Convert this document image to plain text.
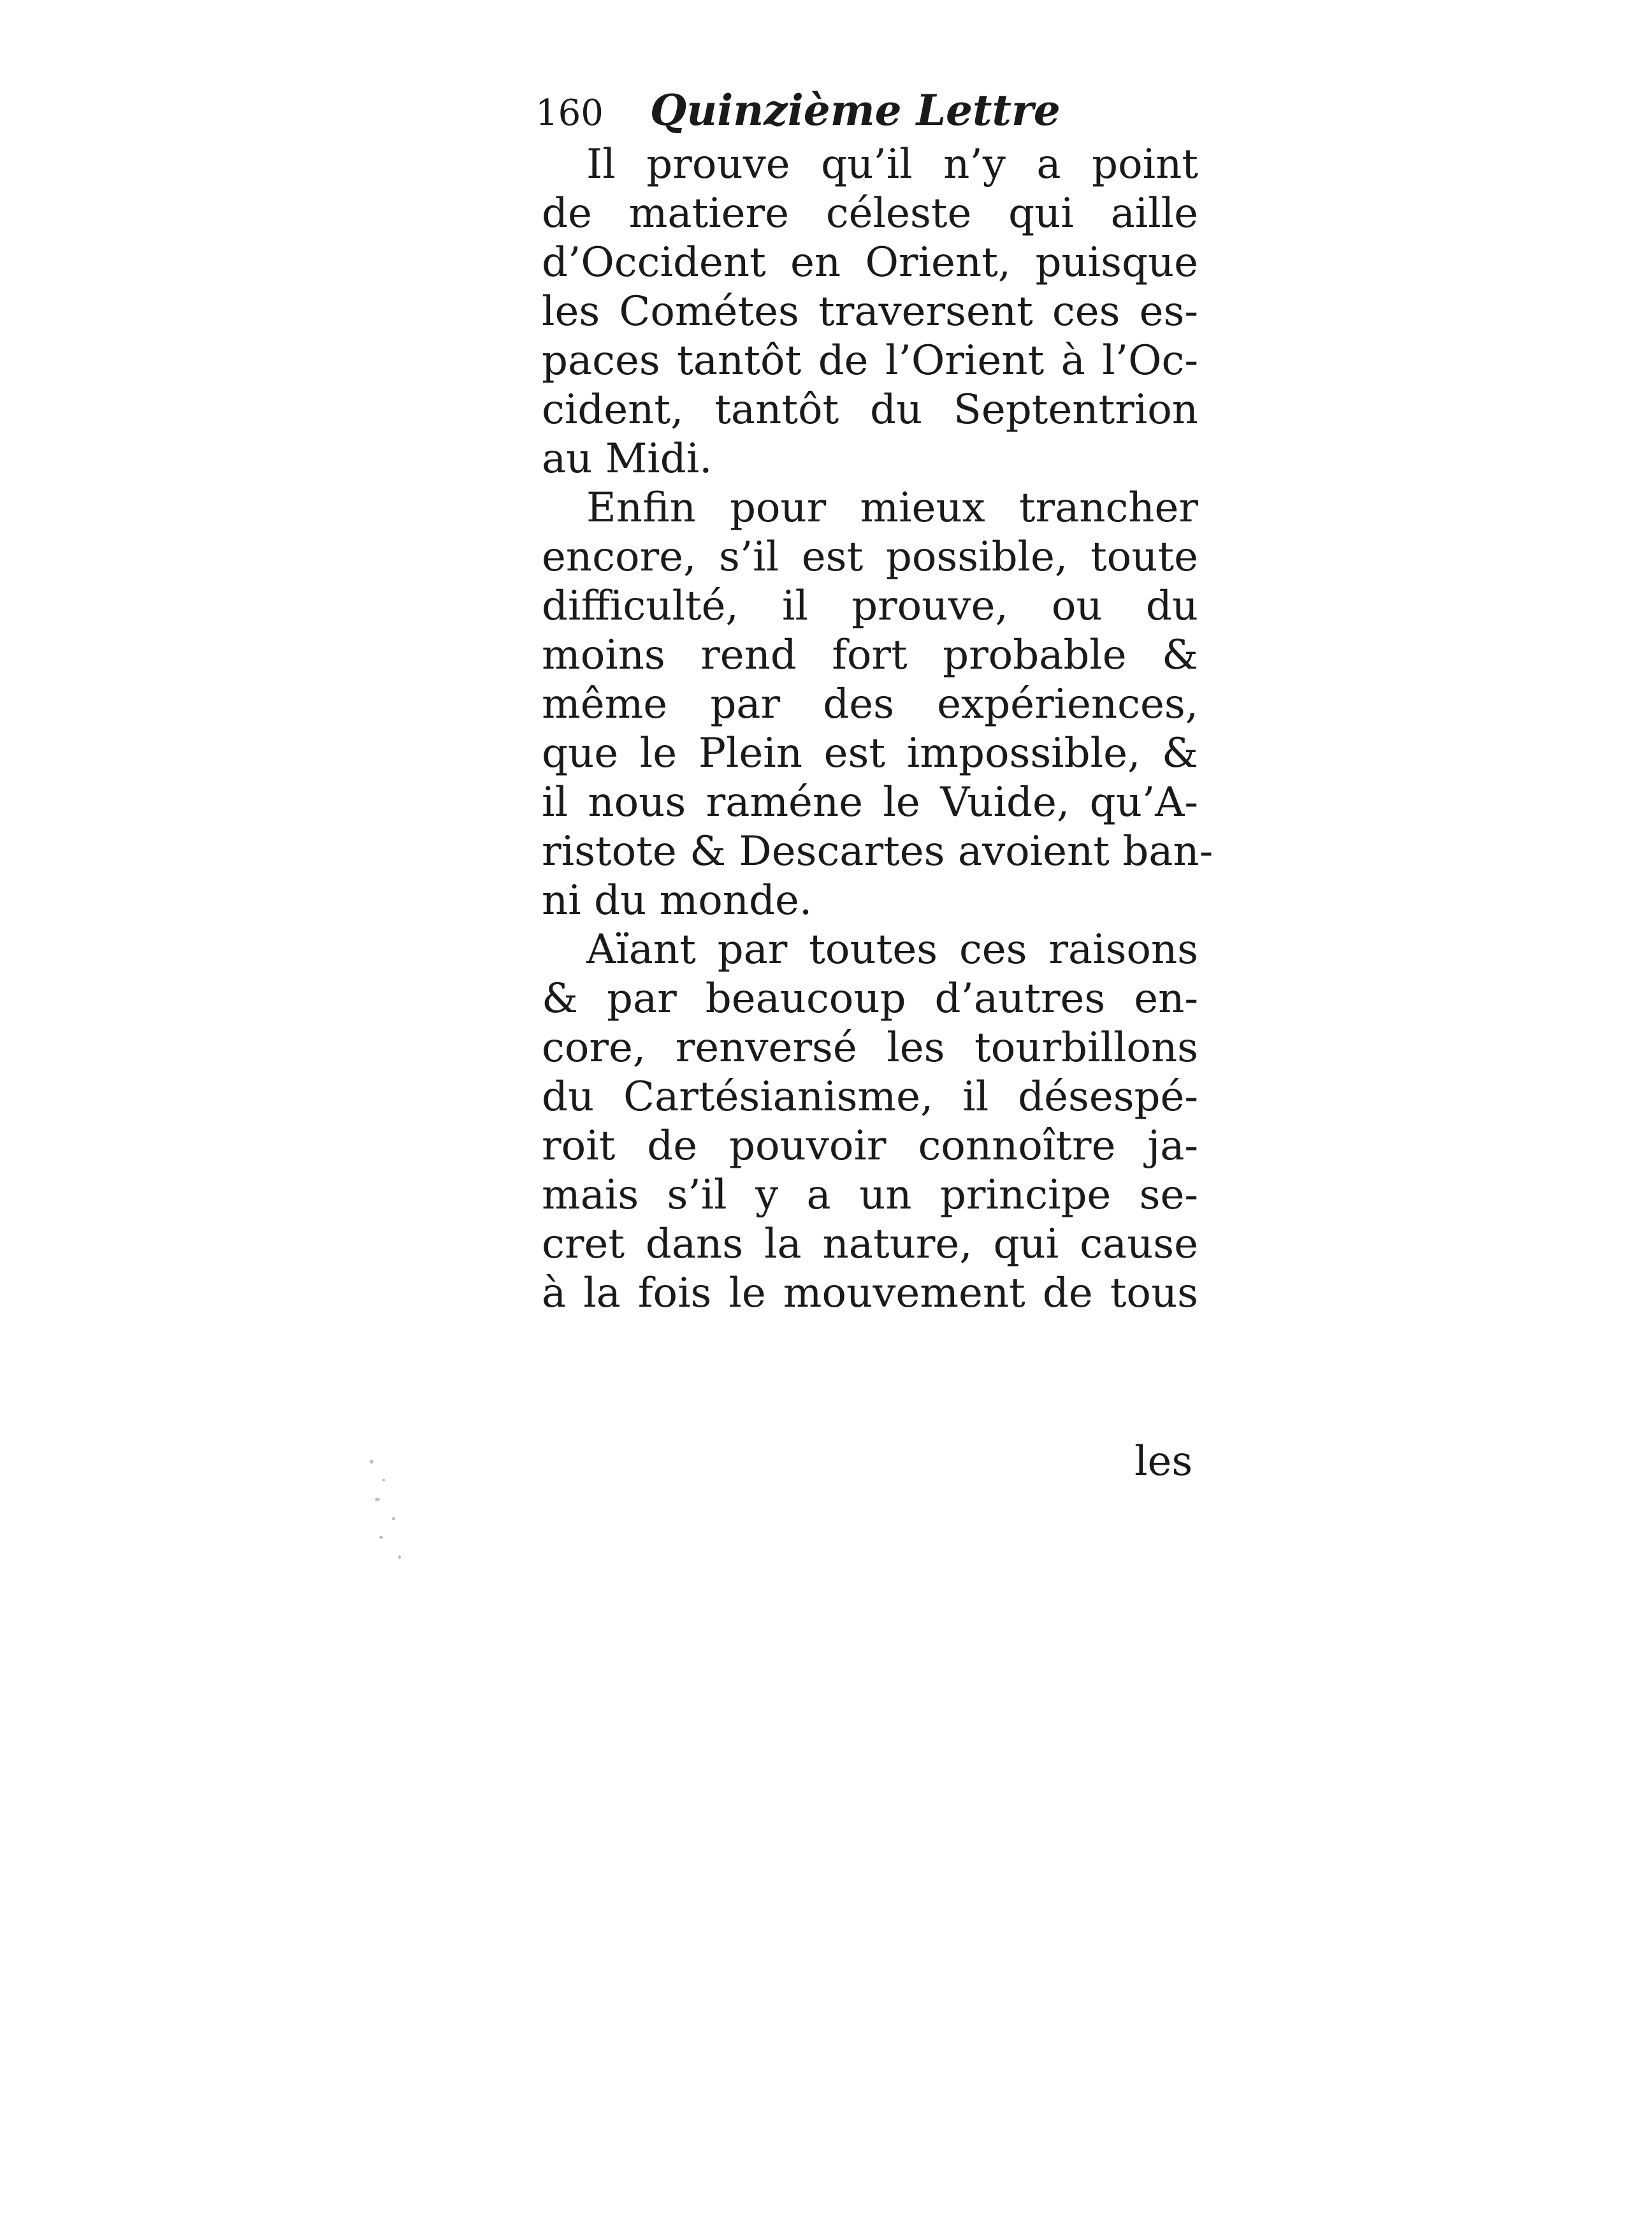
160 Quinzième Lettre
Il prouve qu’il n’y a point
de matiere céleste qui aille
d’Occident en Orient, puisque
les Cométes traversent ces es-
paces tantôt de l’Orient à l’Oc-
cident, tantôt du Septentrion
au Midi.
Enfin pour mieux trancher
encore, s’il est possible, toute
difficulté, il prouve, ou du
moins rend fort probable &
même par des expériences,
que le Plein est impossible, &
il nous raméne le Vuide, qu’A-
ristote & Descartes avoient ban-
ni du monde.
Aïant par toutes ces raisons
& par beaucoup d’autres en-
core, renversé les tourbillons
du Cartésianisme, il désespé-
roit de pouvoir connoître ja-
mais s’il y a un principe se-
cret dans la nature, qui cause
à la fois le mouvement de tous
les
